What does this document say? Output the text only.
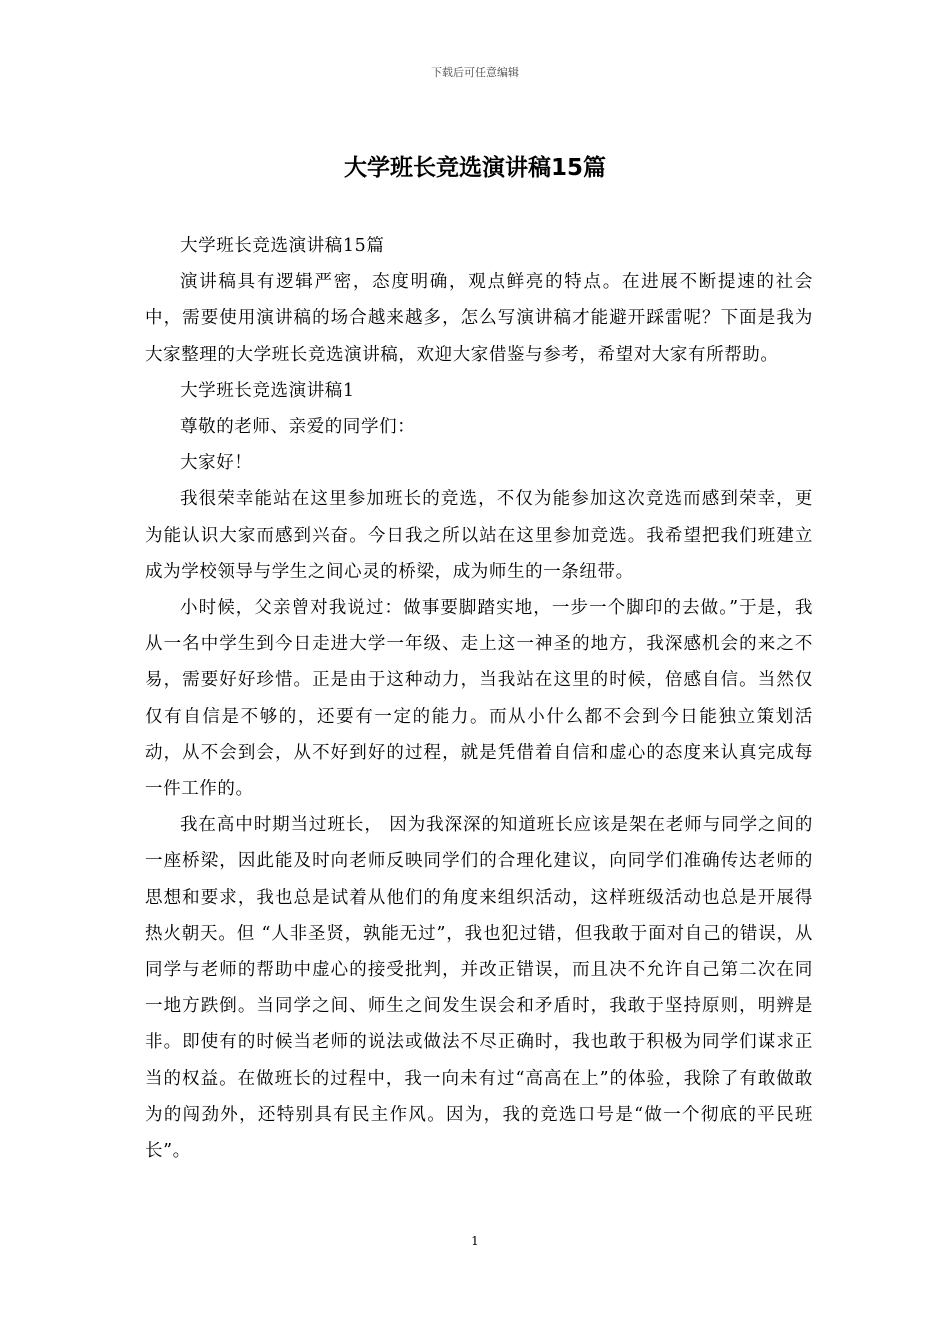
下载后可任意编辑
大学班长竞选演讲稿15篇

大学班长竞选演讲稿15篇

演讲稿具有逻辑严密，态度明确，观点鲜亮的特点。在进展不断提速的社会中，需要使用演讲稿的场合越来越多，怎么写演讲稿才能避开踩雷呢？下面是我为大家整理的大学班长竞选演讲稿，欢迎大家借鉴与参考，希望对大家有所帮助。

大学班长竞选演讲稿1

尊敬的老师、亲爱的同学们：

大家好！

我很荣幸能站在这里参加班长的竞选，不仅为能参加这次竞选而感到荣幸，更为能认识大家而感到兴奋。今日我之所以站在这里参加竞选。我希望把我们班建立成为学校领导与学生之间心灵的桥梁，成为师生的一条纽带。

小时候，父亲曾对我说过：做事要脚踏实地，一步一个脚印的去做。”于是，我从一名中学生到今日走进大学一年级、走上这一神圣的地方，我深感机会的来之不易，需要好好珍惜。正是由于这种动力，当我站在这里的时候，倍感自信。当然仅仅有自信是不够的，还要有一定的能力。而从小什么都不会到今日能独立策划活动，从不会到会，从不好到好的过程，就是凭借着自信和虚心的态度来认真完成每一件工作的。

我在高中时期当过班长， 因为我深深的知道班长应该是架在老师与同学之间的一座桥梁，因此能及时向老师反映同学们的合理化建议，向同学们准确传达老师的思想和要求，我也总是试着从他们的角度来组织活动，这样班级活动也总是开展得热火朝天。但 “人非圣贤，孰能无过”，我也犯过错，但我敢于面对自己的错误，从同学与老师的帮助中虚心的接受批判，并改正错误，而且决不允许自己第二次在同一地方跌倒。当同学之间、师生之间发生误会和矛盾时，我敢于坚持原则，明辨是非。即使有的时候当老师的说法或做法不尽正确时，我也敢于积极为同学们谋求正当的权益。在做班长的过程中，我一向未有过“高高在上”的体验，我除了有敢做敢为的闯劲外，还特别具有民主作风。因为，我的竞选口号是“做一个彻底的平民班长”。

1
